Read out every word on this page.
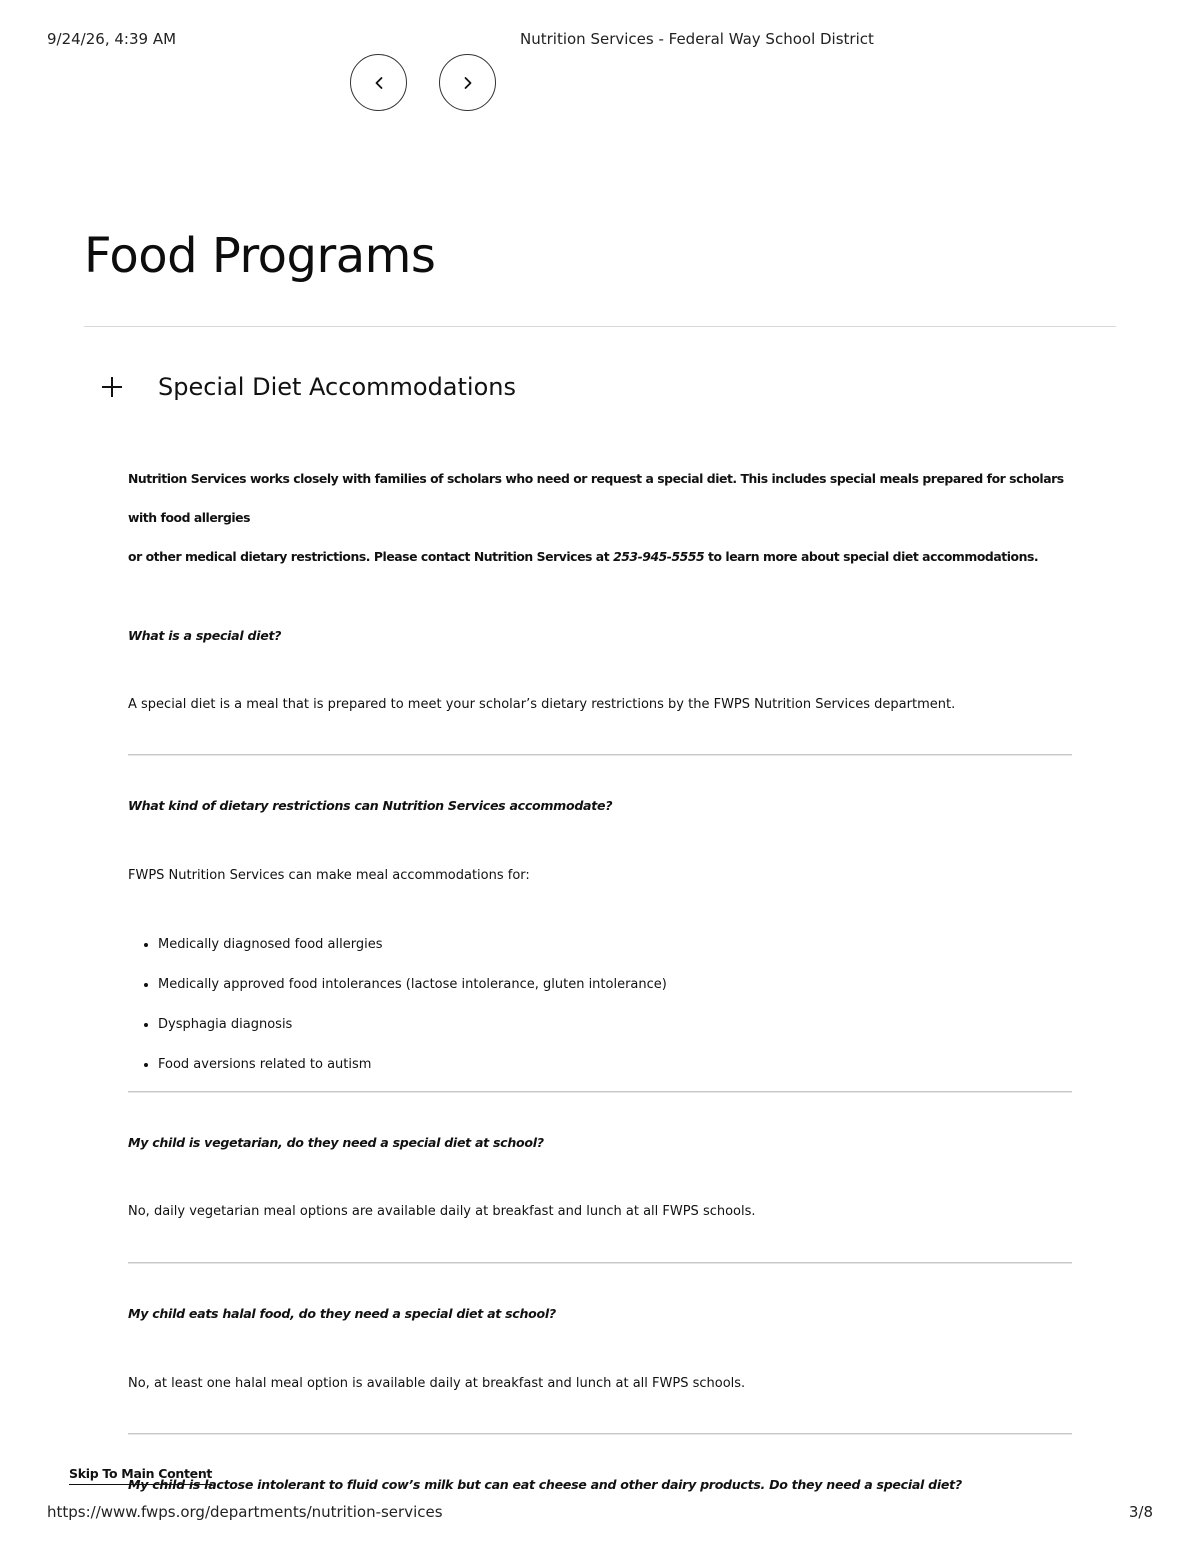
9/24/26, 4:39 AM	Nutrition Services - Federal Way School District
Food Programs
Special Diet Accommodations

Nutrition Services works closely with families of scholars who need or request a special diet. This includes special meals prepared for scholars with food allergies
or other medical dietary restrictions. Please contact Nutrition Services at 253-945-5555 to learn more about special diet accommodations.

What is a special diet?

A special diet is a meal that is prepared to meet your scholar’s dietary restrictions by the FWPS Nutrition Services department.

What kind of dietary restrictions can Nutrition Services accommodate?

FWPS Nutrition Services can make meal accommodations for:

• Medically diagnosed food allergies
• Medically approved food intolerances (lactose intolerance, gluten intolerance)
• Dysphagia diagnosis
• Food aversions related to autism

My child is vegetarian, do they need a special diet at school?

No, daily vegetarian meal options are available daily at breakfast and lunch at all FWPS schools.

My child eats halal food, do they need a special diet at school?

No, at least one halal meal option is available daily at breakfast and lunch at all FWPS schools.

My child is lactose intolerant to fluid cow’s milk but can eat cheese and other dairy products. Do they need a special diet?

Skip To Main Content
https://www.fwps.org/departments/nutrition-services	3/8
